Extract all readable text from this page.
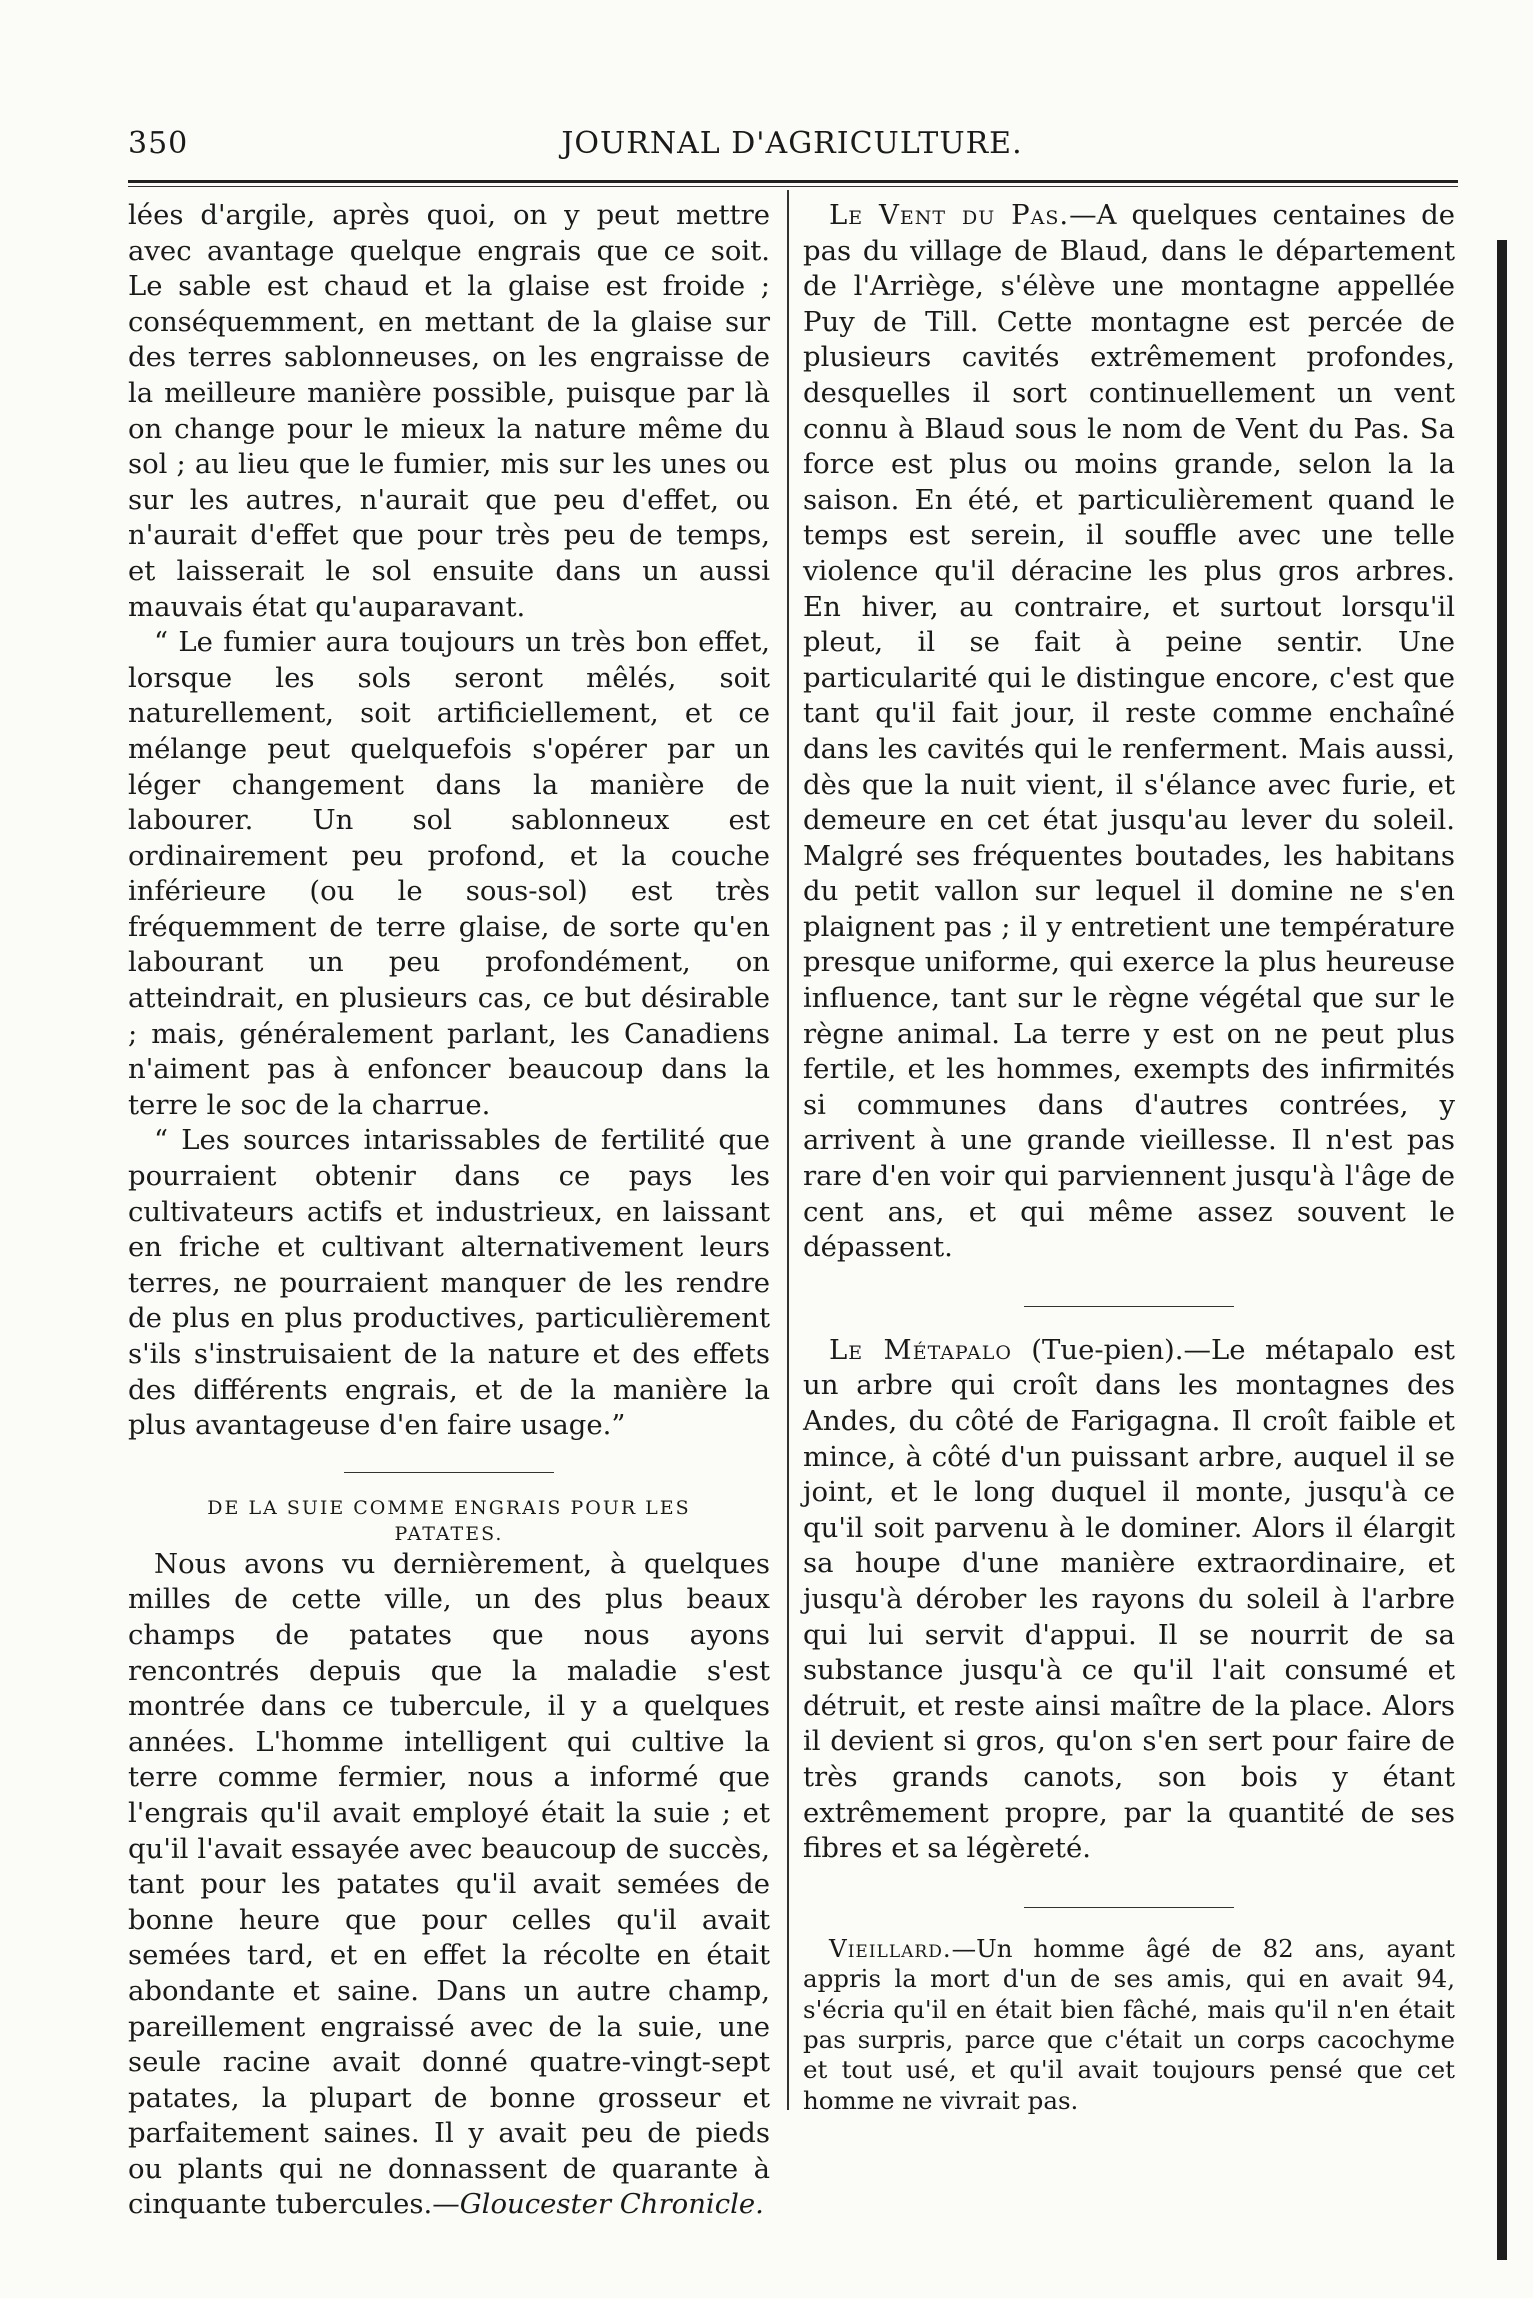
350	JOURNAL D'AGRICULTURE.

lées d'argile, après quoi, on y peut mettre avec avantage quelque engrais que ce soit. Le sable est chaud et la glaise est froide ; conséquemment, en mettant de la glaise sur des terres sablonneuses, on les engraisse de la meilleure manière possible, puisque par là on change pour le mieux la nature même du sol ; au lieu que le fumier, mis sur les unes ou sur les autres, n'aurait que peu d'effet, ou n'aurait d'effet que pour très peu de temps, et laisserait le sol ensuite dans un aussi mauvais état qu'auparavant.

“ Le fumier aura toujours un très bon effet, lorsque les sols seront mêlés, soit naturellement, soit artificiellement, et ce mélange peut quelquefois s'opérer par un léger changement dans la manière de labourer. Un sol sablonneux est ordinairement peu profond, et la couche inférieure (ou le sous-sol) est très fréquemment de terre glaise, de sorte qu'en labourant un peu profondément, on atteindrait, en plusieurs cas, ce but désirable ; mais, généralement parlant, les Canadiens n'aiment pas à enfoncer beaucoup dans la terre le soc de la charrue.

“ Les sources intarissables de fertilité que pourraient obtenir dans ce pays les cultivateurs actifs et industrieux, en laissant en friche et cultivant alternativement leurs terres, ne pourraient manquer de les rendre de plus en plus productives, particulièrement s'ils s'instruisaient de la nature et des effets des différents engrais, et de la manière la plus avantageuse d'en faire usage.”

DE LA SUIE COMME ENGRAIS POUR LES
PATATES.

Nous avons vu dernièrement, à quelques milles de cette ville, un des plus beaux champs de patates que nous ayons rencontrés depuis que la maladie s'est montrée dans ce tubercule, il y a quelques années. L'homme intelligent qui cultive la terre comme fermier, nous a informé que l'engrais qu'il avait employé était la suie ; et qu'il l'avait essayée avec beaucoup de succès, tant pour les patates qu'il avait semées de bonne heure que pour celles qu'il avait semées tard, et en effet la récolte en était abondante et saine. Dans un autre champ, pareillement engraissé avec de la suie, une seule racine avait donné quatre-vingt-sept patates, la plupart de bonne grosseur et parfaitement saines. Il y avait peu de pieds ou plants qui ne donnassent de quarante à cinquante tubercules.—Gloucester Chronicle.

Le Vent du Pas.—A quelques centaines de pas du village de Blaud, dans le département de l'Arriège, s'élève une montagne appellée Puy de Till. Cette montagne est percée de plusieurs cavités extrêmement profondes, desquelles il sort continuellement un vent connu à Blaud sous le nom de Vent du Pas. Sa force est plus ou moins grande, selon la la saison. En été, et particulièrement quand le temps est serein, il souffle avec une telle violence qu'il déracine les plus gros arbres. En hiver, au contraire, et surtout lorsqu'il pleut, il se fait à peine sentir. Une particularité qui le distingue encore, c'est que tant qu'il fait jour, il reste comme enchaîné dans les cavités qui le renferment. Mais aussi, dès que la nuit vient, il s'élance avec furie, et demeure en cet état jusqu'au lever du soleil. Malgré ses fréquentes boutades, les habitans du petit vallon sur lequel il domine ne s'en plaignent pas ; il y entretient une température presque uniforme, qui exerce la plus heureuse influence, tant sur le règne végétal que sur le règne animal. La terre y est on ne peut plus fertile, et les hommes, exempts des infirmités si communes dans d'autres contrées, y arrivent à une grande vieillesse. Il n'est pas rare d'en voir qui parviennent jusqu'à l'âge de cent ans, et qui même assez souvent le dépassent.

Le Métapalo (Tue-pien).—Le métapalo est un arbre qui croît dans les montagnes des Andes, du côté de Farigagna. Il croît faible et mince, à côté d'un puissant arbre, auquel il se joint, et le long duquel il monte, jusqu'à ce qu'il soit parvenu à le dominer. Alors il élargit sa houpe d'une manière extraordinaire, et jusqu'à dérober les rayons du soleil à l'arbre qui lui servit d'appui. Il se nourrit de sa substance jusqu'à ce qu'il l'ait consumé et détruit, et reste ainsi maître de la place. Alors il devient si gros, qu'on s'en sert pour faire de très grands canots, son bois y étant extrêmement propre, par la quantité de ses fibres et sa légèreté.

Vieillard.—Un homme âgé de 82 ans, ayant appris la mort d'un de ses amis, qui en avait 94, s'écria qu'il en était bien fâché, mais qu'il n'en était pas surpris, parce que c'était un corps cacochyme et tout usé, et qu'il avait toujours pensé que cet homme ne vivrait pas.
